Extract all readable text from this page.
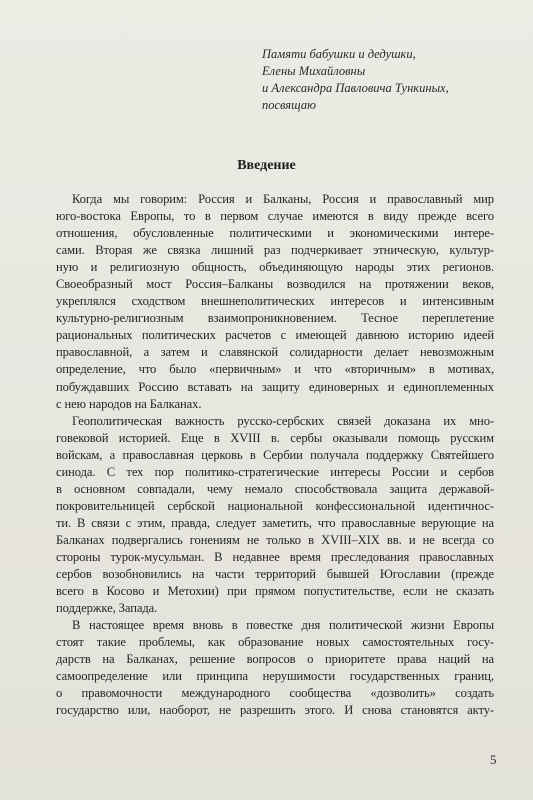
Памяти бабушки и дедушки,
Елены Михайловны
и Александра Павловича Тункиных,
посвящаю
Введение
Когда мы говорим: Россия и Балканы, Россия и православный мир
юго-востока Европы, то в первом случае имеются в виду прежде всего
отношения, обусловленные политическими и экономическими интере-
сами. Вторая же связка лишний раз подчеркивает этническую, культур-
ную и религиозную общность, объединяющую народы этих регионов.
Своеобразный мост Россия–Балканы возводился на протяжении веков,
укреплялся сходством внешнеполитических интересов и интенсивным
культурно-религиозным взаимопроникновением. Тесное переплетение
рациональных политических расчетов с имеющей давнюю историю идеей
православной, а затем и славянской солидарности делает невозможным
определение, что было «первичным» и что «вторичным» в мотивах,
побуждавших Россию вставать на защиту единоверных и единоплеменных
с нею народов на Балканах.
Геополитическая важность русско-сербских связей доказана их мно-
говековой историей. Еще в XVIII в. сербы оказывали помощь русским
войскам, а православная церковь в Сербии получала поддержку Святейшего
синода. С тех пор политико-стратегические интересы России и сербов
в основном совпадали, чему немало способствовала защита державой-
покровительницей сербской национальной конфессиональной идентичнос-
ти. В связи с этим, правда, следует заметить, что православные верующие на
Балканах подвергались гонениям не только в XVIII–XIX вв. и не всегда со
стороны турок-мусульман. В недавнее время преследования православных
сербов возобновились на части территорий бывшей Югославии (прежде
всего в Косово и Метохии) при прямом попустительстве, если не сказать
поддержке, Запада.
В настоящее время вновь в повестке дня политической жизни Европы
стоят такие проблемы, как образование новых самостоятельных госу-
дарств на Балканах, решение вопросов о приоритете права наций на
самоопределение или принципа нерушимости государственных границ,
о правомочности международного сообщества «дозволить» создать
государство или, наоборот, не разрешить этого. И снова становятся акту-
5
